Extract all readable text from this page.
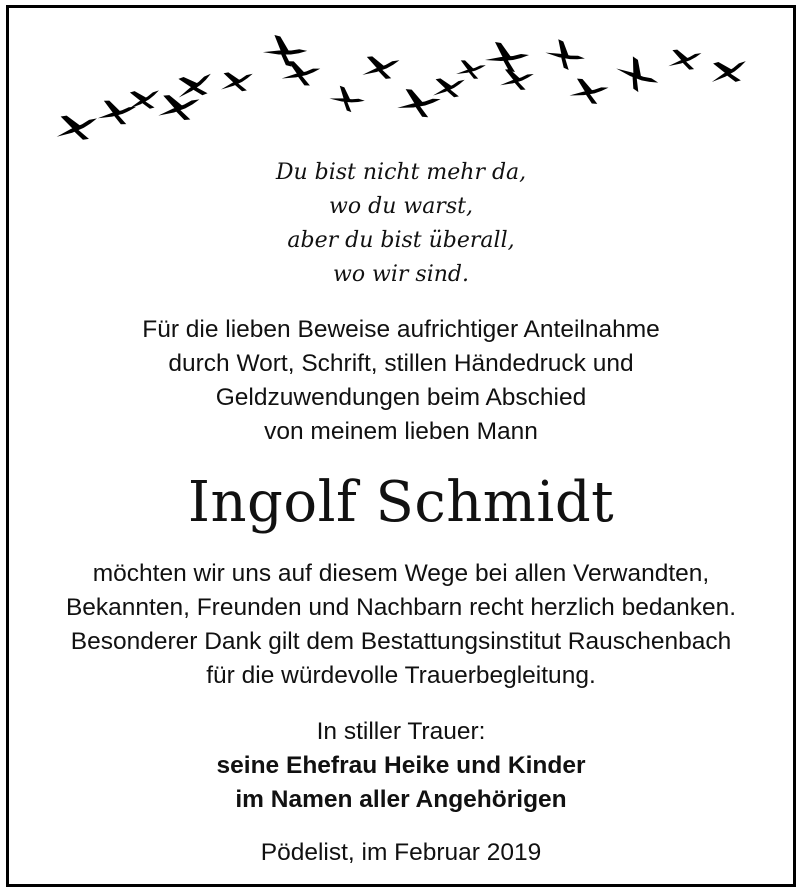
Du bist nicht mehr da,
wo du warst,
aber du bist überall,
wo wir sind.
Für die lieben Beweise aufrichtiger Anteilnahme
durch Wort, Schrift, stillen Händedruck und
Geldzuwendungen beim Abschied
von meinem lieben Mann
Ingolf Schmidt
möchten wir uns auf diesem Wege bei allen Verwandten,
Bekannten, Freunden und Nachbarn recht herzlich bedanken.
Besonderer Dank gilt dem Bestattungsinstitut Rauschenbach
für die würdevolle Trauerbegleitung.
In stiller Trauer:
seine Ehefrau Heike und Kinder
im Namen aller Angehörigen
Pödelist, im Februar 2019
